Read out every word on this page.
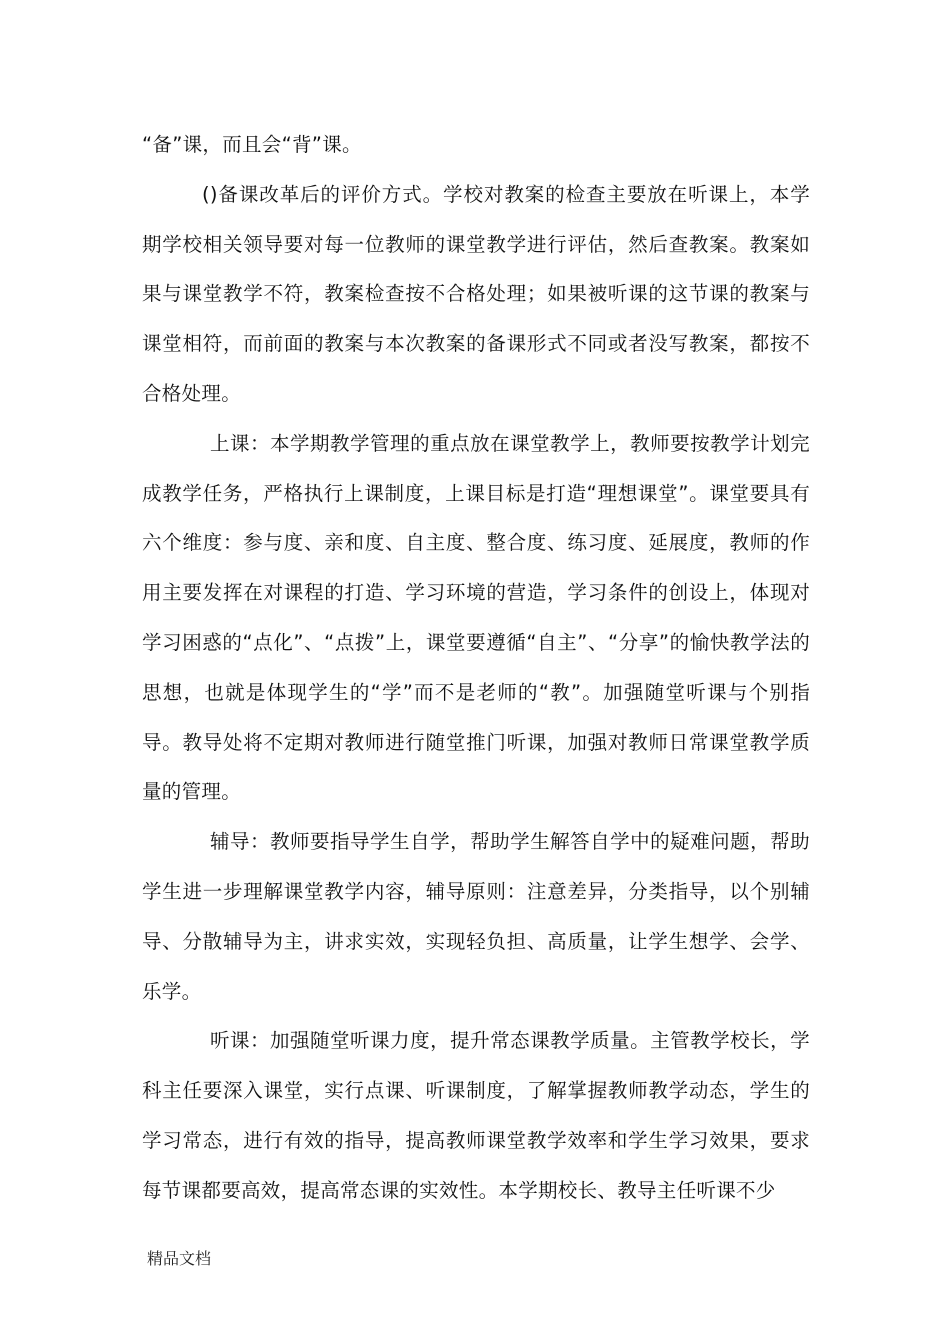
“备”课，而且会“背”课。

()备课改革后的评价方式。学校对教案的检查主要放在听课上，本学期学校相关领导要对每一位教师的课堂教学进行评估，然后查教案。教案如果与课堂教学不符，教案检查按不合格处理；如果被听课的这节课的教案与课堂相符，而前面的教案与本次教案的备课形式不同或者没写教案，都按不合格处理。

上课：本学期教学管理的重点放在课堂教学上，教师要按教学计划完成教学任务，严格执行上课制度，上课目标是打造“理想课堂”。课堂要具有六个维度：参与度、亲和度、自主度、整合度、练习度、延展度，教师的作用主要发挥在对课程的打造、学习环境的营造，学习条件的创设上，体现对学习困惑的“点化”、“点拨”上，课堂要遵循“自主”、“分享”的愉快教学法的思想，也就是体现学生的“学”而不是老师的“教”。加强随堂听课与个别指导。教导处将不定期对教师进行随堂推门听课，加强对教师日常课堂教学质量的管理。

辅导：教师要指导学生自学，帮助学生解答自学中的疑难问题，帮助学生进一步理解课堂教学内容，辅导原则：注意差异，分类指导，以个别辅导、分散辅导为主，讲求实效，实现轻负担、高质量，让学生想学、会学、乐学。

听课：加强随堂听课力度，提升常态课教学质量。主管教学校长，学科主任要深入课堂，实行点课、听课制度，了解掌握教师教学动态，学生的学习常态，进行有效的指导，提高教师课堂教学效率和学生学习效果，要求每节课都要高效，提高常态课的实效性。本学期校长、教导主任听课不少

精品文档
